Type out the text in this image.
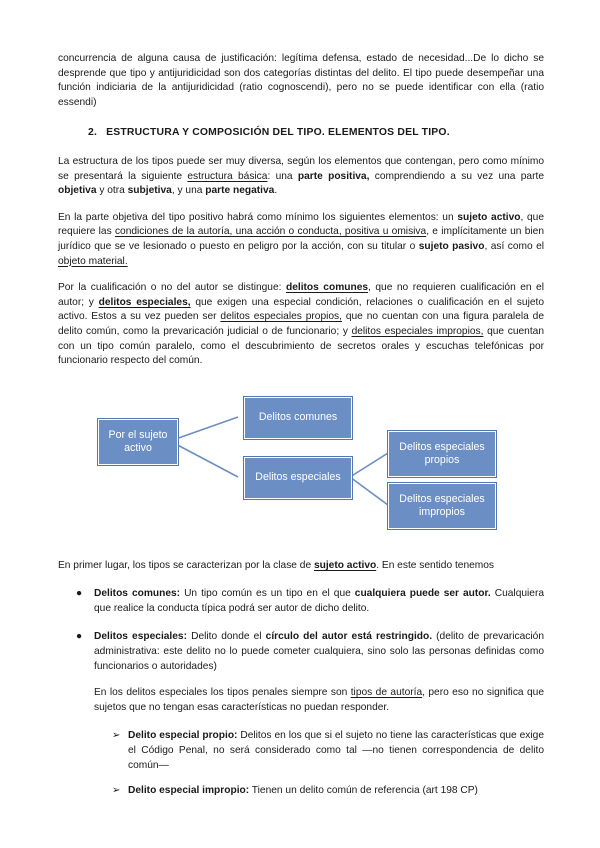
concurrencia de alguna causa de justificación: legítima defensa, estado de necesidad...De lo dicho se desprende que tipo y antijuridicidad son dos categorías distintas del delito. El tipo puede desempeñar una función indiciaria de la antijuridicidad (ratio cognoscendi), pero no se puede identificar con ella (ratio essendi)

2. ESTRUCTURA Y COMPOSICIÓN DEL TIPO. ELEMENTOS DEL TIPO.

La estructura de los tipos puede ser muy diversa, según los elementos que contengan, pero como mínimo se presentará la siguiente estructura básica: una parte positiva, comprendiendo a su vez una parte objetiva y otra subjetiva, y una parte negativa.

En la parte objetiva del tipo positivo habrá como mínimo los siguientes elementos: un sujeto activo, que requiere las condiciones de la autoría, una acción o conducta, positiva u omisiva, e implícitamente un bien jurídico que se ve lesionado o puesto en peligro por la acción, con su titular o sujeto pasivo, así como el objeto material.

Por la cualificación o no del autor se distingue: delitos comunes, que no requieren cualificación en el autor; y delitos especiales, que exigen una especial condición, relaciones o cualificación en el sujeto activo. Estos a su vez pueden ser delitos especiales propios, que no cuentan con una figura paralela de delito común, como la prevaricación judicial o de funcionario; y delitos especiales impropios, que cuentan con un tipo común paralelo, como el descubrimiento de secretos orales y escuchas telefónicas por funcionario respecto del común.

Por el sujeto activo
Delitos comunes
Delitos especiales
Delitos especiales propios
Delitos especiales impropios

En primer lugar, los tipos se caracterizan por la clase de sujeto activo. En este sentido tenemos

● Delitos comunes: Un tipo común es un tipo en el que cualquiera puede ser autor. Cualquiera que realice la conducta típica podrá ser autor de dicho delito.

● Delitos especiales: Delito donde el círculo del autor está restringido. (delito de prevaricación administrativa: este delito no lo puede cometer cualquiera, sino solo las personas definidas como funcionarios o autoridades)

En los delitos especiales los tipos penales siempre son tipos de autoría, pero eso no significa que sujetos que no tengan esas características no puedan responder.

➢ Delito especial propio: Delitos en los que si el sujeto no tiene las características que exige el Código Penal, no será considerado como tal —no tienen correspondencia de delito común—

➢ Delito especial impropio: Tienen un delito común de referencia (art 198 CP)
